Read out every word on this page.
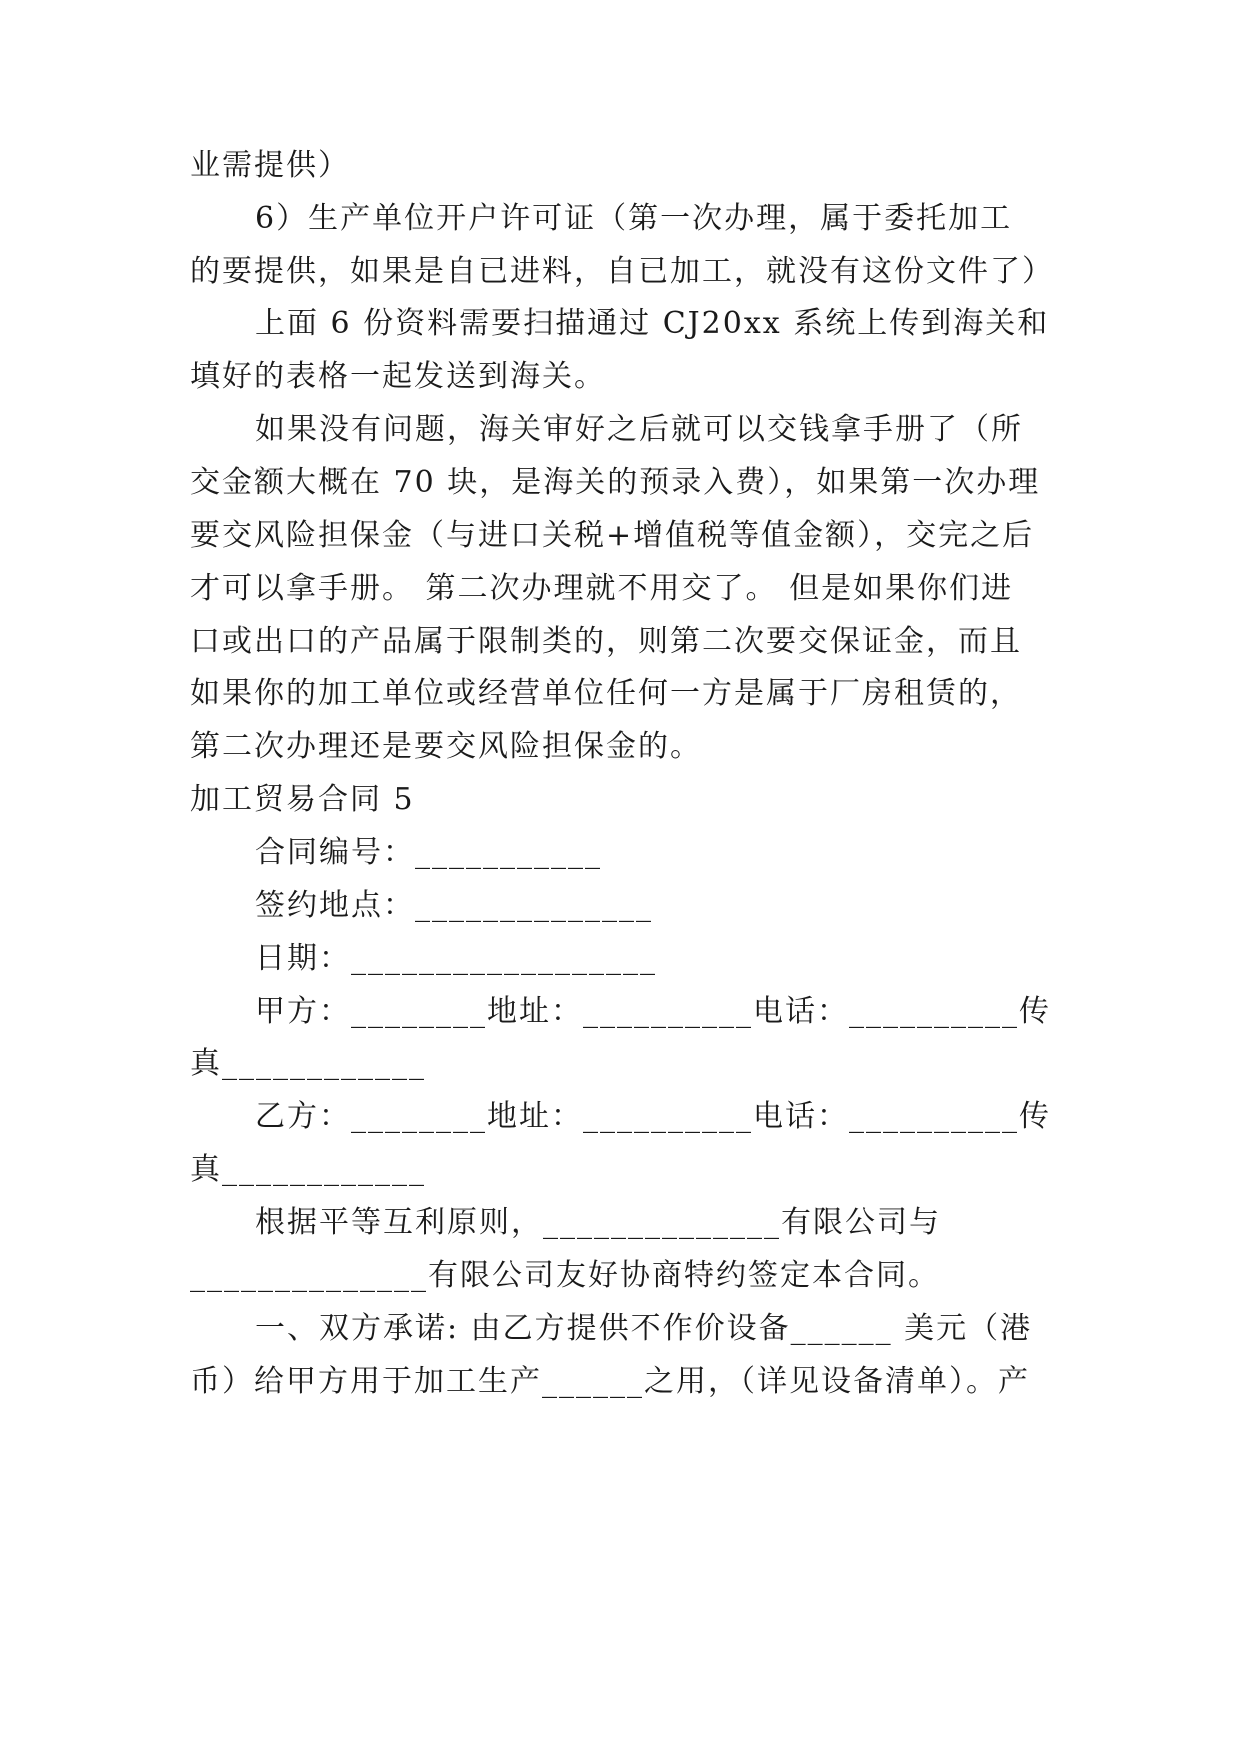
业需提供）
6）生产单位开户许可证（第一次办理，属于委托加工
的要提供，如果是自已进料，自已加工，就没有这份文件了）
上面 6 份资料需要扫描通过 CJ20xx 系统上传到海关和
填好的表格一起发送到海关。
如果没有问题，海关审好之后就可以交钱拿手册了（所
交金额大概在 70 块，是海关的预录入费），如果第一次办理
要交风险担保金（与进口关税+增值税等值金额），交完之后
才可以拿手册。 第二次办理就不用交了。 但是如果你们进
口或出口的产品属于限制类的，则第二次要交保证金，而且
如果你的加工单位或经营单位任何一方是属于厂房租赁的，
第二次办理还是要交风险担保金的。
加工贸易合同 5
合同编号：___________
签约地点：______________
日期：__________________
甲方：________地址：__________电话：__________传
真____________
乙方：________地址：__________电话：__________传
真____________
根据平等互利原则，______________有限公司与
______________有限公司友好协商特约签定本合同。
一、双方承诺: 由乙方提供不作价设备______ 美元（港
币）给甲方用于加工生产______之用，（详见设备清单）。产
